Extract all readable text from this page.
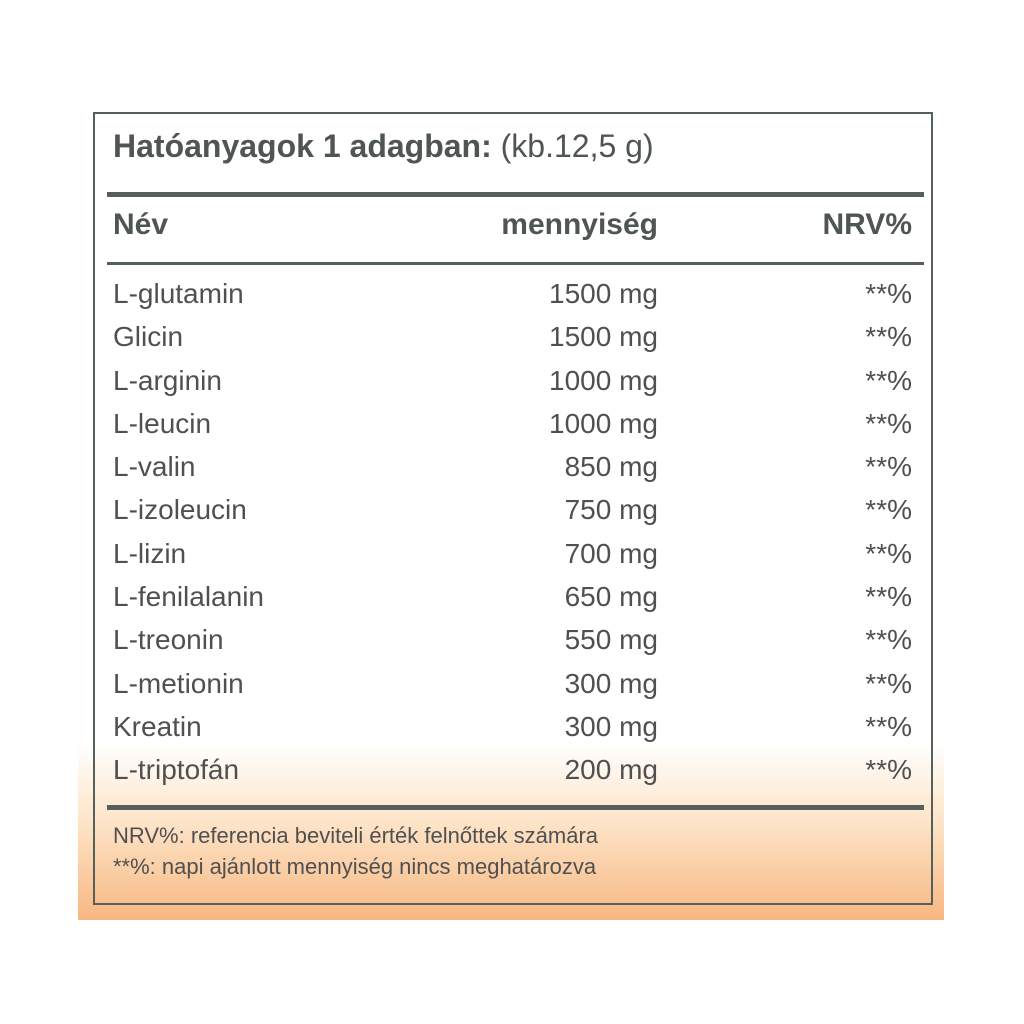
Hatóanyagok 1 adagban: (kb.12,5 g)
Név	mennyiség	NRV%
L-glutamin	1500 mg	**%
Glicin	1500 mg	**%
L-arginin	1000 mg	**%
L-leucin	1000 mg	**%
L-valin	850 mg	**%
L-izoleucin	750 mg	**%
L-lizin	700 mg	**%
L-fenilalanin	650 mg	**%
L-treonin	550 mg	**%
L-metionin	300 mg	**%
Kreatin	300 mg	**%
L-triptofán	200 mg	**%
NRV%: referencia beviteli érték felnőttek számára
**%: napi ajánlott mennyiség nincs meghatározva
